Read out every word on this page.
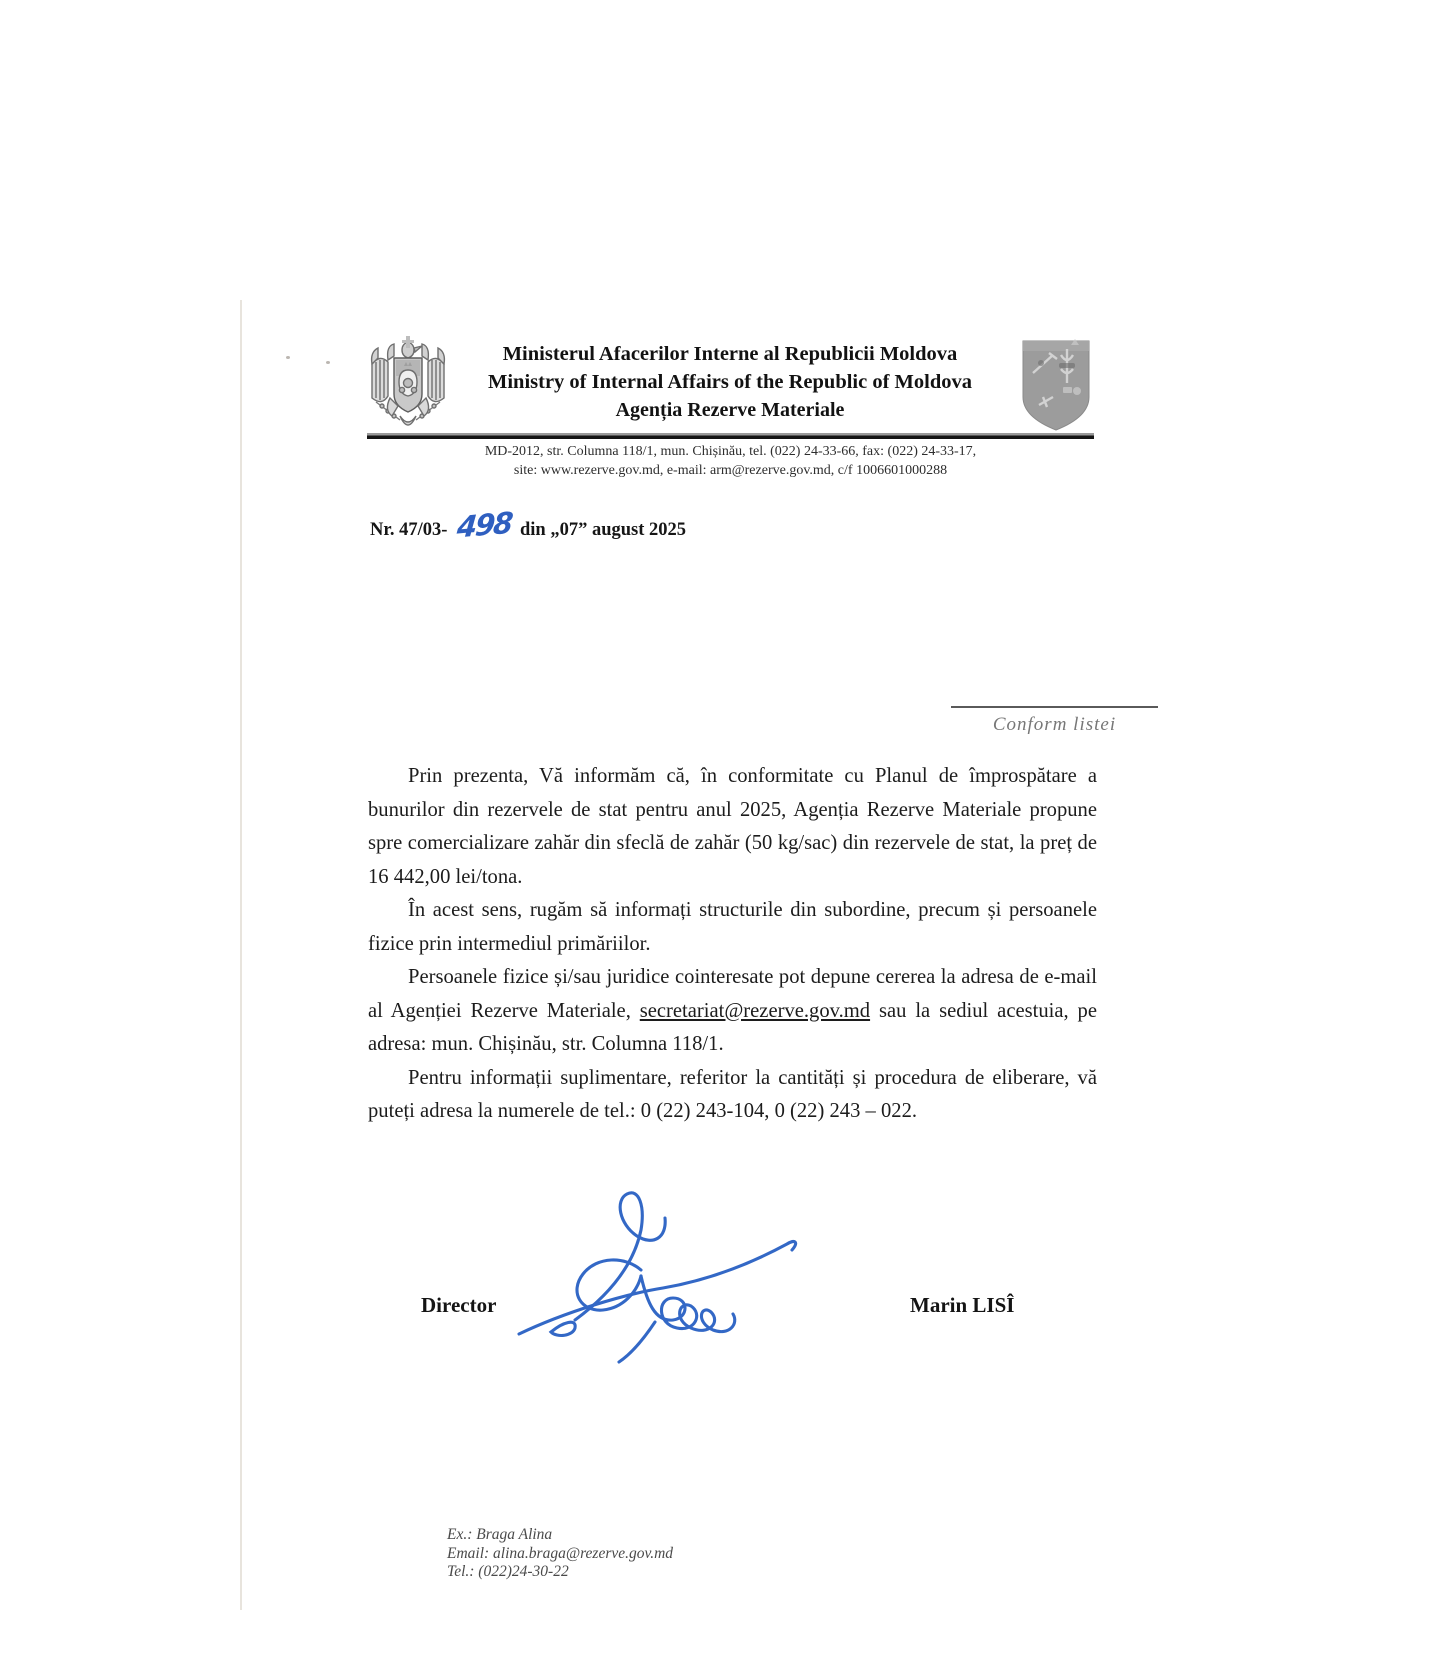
Ministerul Afacerilor Interne al Republicii Moldova
Ministry of Internal Affairs of the Republic of Moldova
Agenția Rezerve Materiale
MD-2012, str. Columna 118/1, mun. Chișinău, tel. (022) 24-33-66, fax: (022) 24-33-17,
site: www.rezerve.gov.md, e-mail: arm@rezerve.gov.md, c/f 1006601000288
Nr. 47/03- 498 din „07” august 2025
Conform listei

Prin prezenta, Vă informăm că, în conformitate cu Planul de împrospătare a bunurilor din rezervele de stat pentru anul 2025, Agenția Rezerve Materiale propune spre comercializare zahăr din sfeclă de zahăr (50 kg/sac) din rezervele de stat, la preț de 16 442,00 lei/tona.

În acest sens, rugăm să informați structurile din subordine, precum și persoanele fizice prin intermediul primăriilor.

Persoanele fizice și/sau juridice cointeresate pot depune cererea la adresa de e-mail al Agenției Rezerve Materiale, secretariat@rezerve.gov.md sau la sediul acestuia, pe adresa: mun. Chișinău, str. Columna 118/1.

Pentru informații suplimentare, referitor la cantități și procedura de eliberare, vă puteți adresa la numerele de tel.: 0 (22) 243-104, 0 (22) 243 – 022.

Director	Marin LISÎ
Ex.: Braga Alina
Email: alina.braga@rezerve.gov.md
Tel.: (022)24-30-22
